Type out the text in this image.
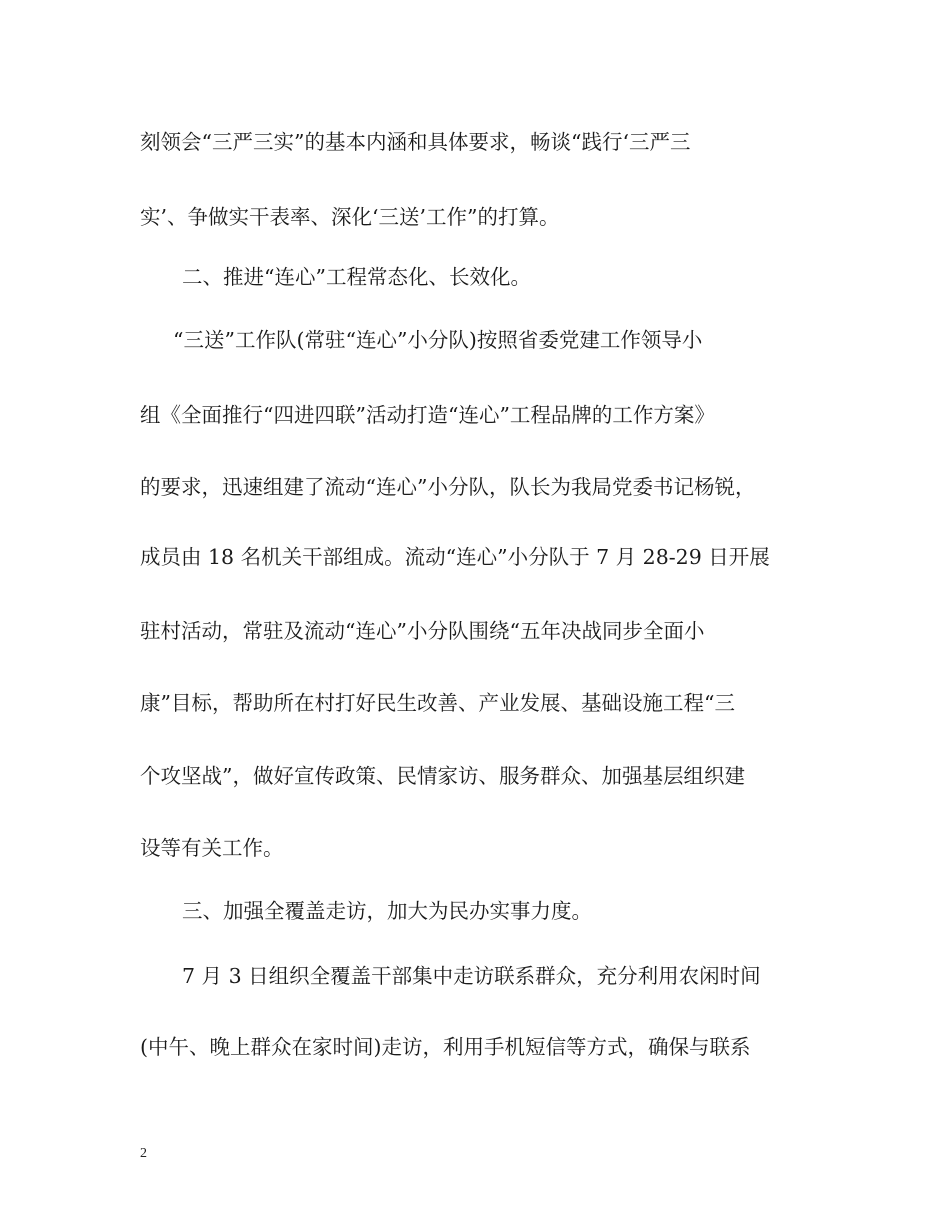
刻领会“三严三实”的基本内涵和具体要求，畅谈“践行‘三严三
实’、争做实干表率、深化‘三送’工作”的打算。
二、推进“连心”工程常态化、长效化。
“三送”工作队(常驻“连心”小分队)按照省委党建工作领导小
组《全面推行“四进四联”活动打造“连心”工程品牌的工作方案》
的要求，迅速组建了流动“连心”小分队，队长为我局党委书记杨锐，
成员由 18 名机关干部组成。流动“连心”小分队于 7 月 28-29 日开展
驻村活动，常驻及流动“连心”小分队围绕“五年决战同步全面小
康”目标，帮助所在村打好民生改善、产业发展、基础设施工程“三
个攻坚战”，做好宣传政策、民情家访、服务群众、加强基层组织建
设等有关工作。
三、加强全覆盖走访，加大为民办实事力度。
7 月 3 日组织全覆盖干部集中走访联系群众，充分利用农闲时间
(中午、晚上群众在家时间)走访，利用手机短信等方式，确保与联系
2
